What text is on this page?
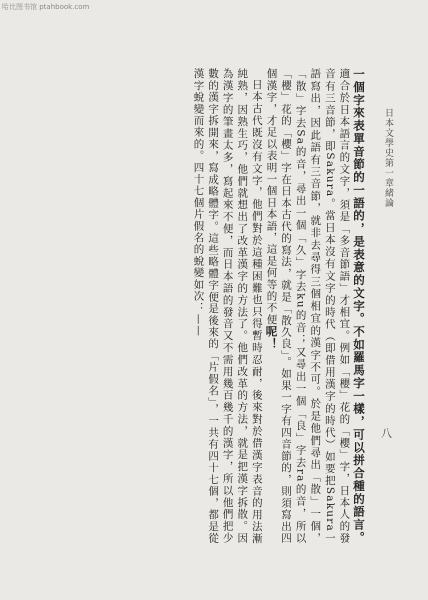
哈比图书馆 ptahbook.com
日本文學史第一章緒論
八

一個字來表單音節的一語的，是表意的文字。不如羅馬字一樣，可以拼合種的語言。適合於日本語言的文字，須是「多音節語」才相宜。例如「櫻」花的「櫻」字，日本人的發音有三音節，即Sakura。當日本沒有文字的時代（即借用漢字的時代）如要把Sakura一語寫出，因此語有三音節，就非去尋得三個相宜的漢字不可。於是他們尋出「散」一個，「散」字去Sa的音，尋出一個「久」字去ku的音；又尋出一個「良」字去ra的音，所以「櫻」花的「櫻」字在日本古代的寫法，就是「散久良」。如果一字有四音節的，則須寫出四個漢字，才足以表明一個日本語，這是何等的不便呢！

日本古代既沒有文字，他們對於這種困難也只得暫時忍耐，後來對於借漢字表音的用法漸純熟，因熟生巧，他們就想出了改革漢字的方法了。他們改革的方法，就是把漢字拆散。因為漢字的筆畫太多，寫起來不便，而日本語的發音又不需用幾百幾千的漢字，所以他們把少數的漢字拆開來，寫成略體字。這些略體字便是後來的「片假名」，一共有四十七個，都是從漢字蛻變而來的。四十七個片假名的蛻變如次：——
